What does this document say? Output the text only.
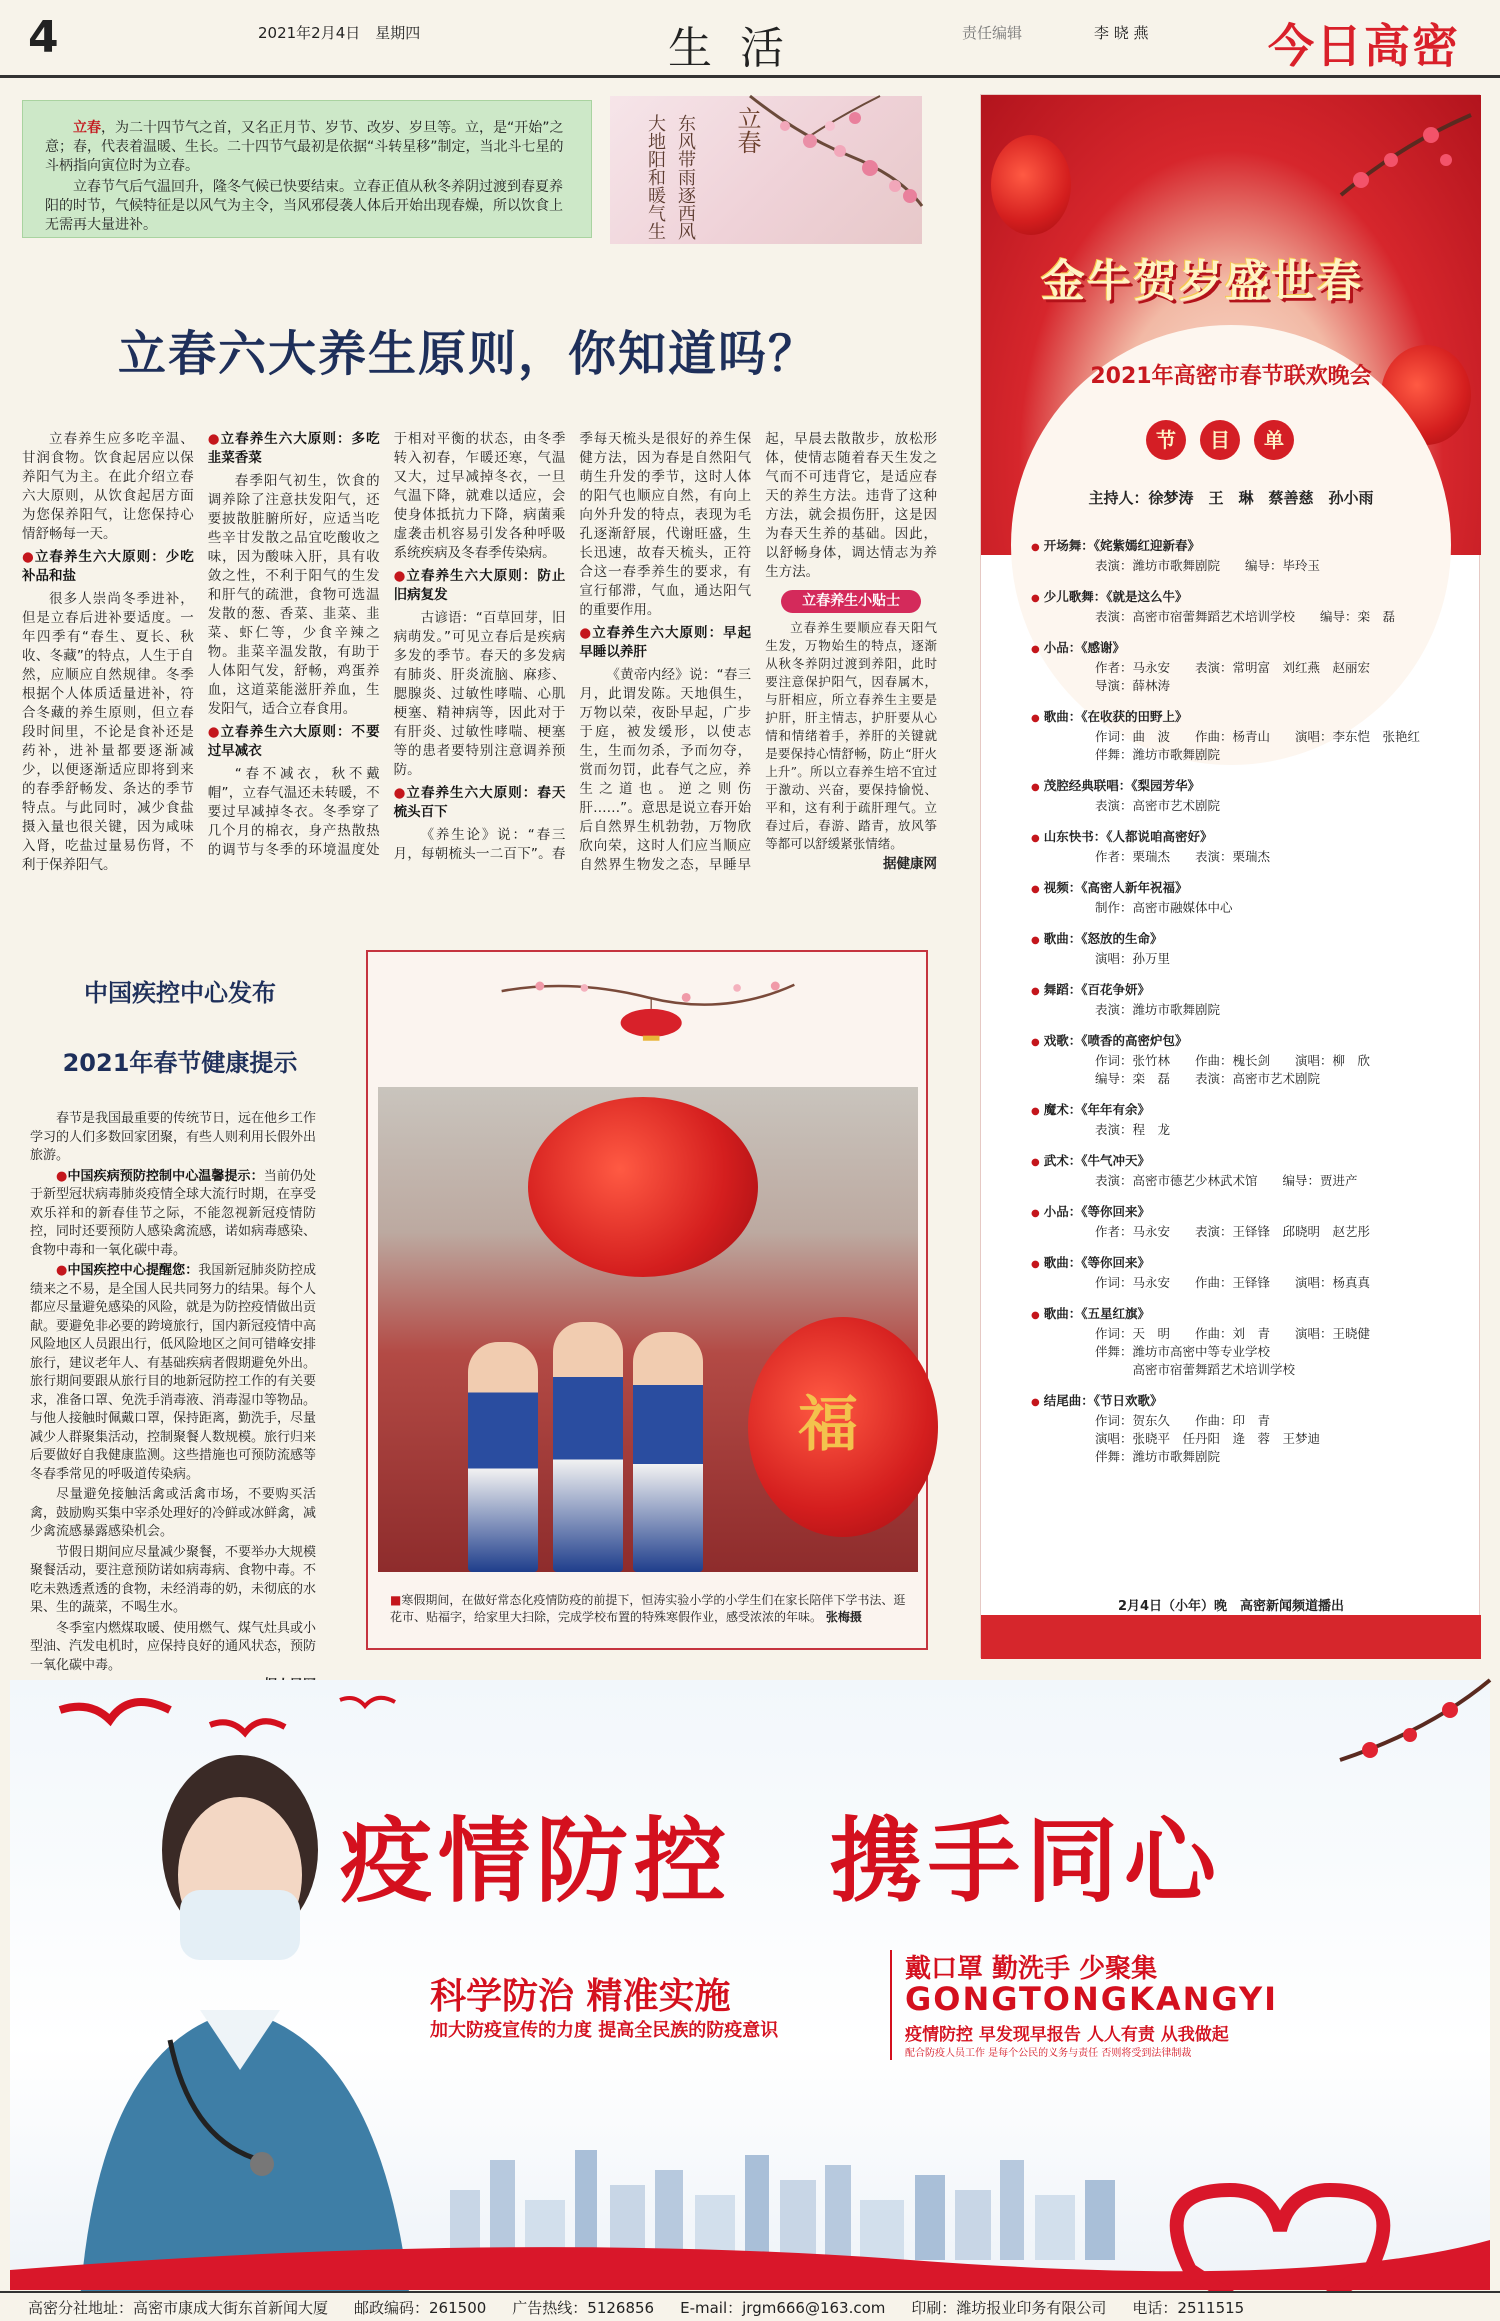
4	2021年2月4日　星期四	生活	责任编辑	李 晓 燕	今日高密

立春，为二十四节气之首，又名正月节、岁节、改岁、岁旦等。立，是“开始”之意；春，代表着温暖、生长。二十四节气最初是依据“斗转星移”制定，当北斗七星的斗柄指向寅位时为立春。

立春节气后气温回升，隆冬气候已快要结束。立春正值从秋冬养阴过渡到春夏养阳的时节，气候特征是以风气为主令，当风邪侵袭人体后开始出现春燥，所以饮食上无需再大量进补。

立春
东风带雨逐西风 大地阳和暖气生
立春六大养生原则，你知道吗？

立春养生应多吃辛温、甘润食物。饮食起居应以保养阳气为主。在此介绍立春六大原则，从饮食起居方面为您保养阳气，让您保持心情舒畅每一天。

●立春养生六大原则：少吃补品和盐

很多人崇尚冬季进补，但是立春后进补要适度。一年四季有“春生、夏长、秋收、冬藏”的特点，人生于自然，应顺应自然规律。冬季根据个人体质适量进补，符合冬藏的养生原则，但立春段时间里，不论是食补还是药补，进补量都要逐渐减少，以便逐渐适应即将到来的春季舒畅发、条达的季节特点。与此同时，减少食盐摄入量也很关键，因为咸味入肾，吃盐过量易伤肾，不利于保养阳气。

●立春养生六大原则：多吃韭菜香菜

春季阳气初生，饮食的调养除了注意扶发阳气，还要披散脏腑所好，应适当吃些辛甘发散之品宜吃酸收之味，因为酸味入肝，具有收敛之性，不利于阳气的生发和肝气的疏泄，食物可选温发散的葱、香菜、韭菜、韭菜、虾仁等，少食辛辣之物。韭菜辛温发散，有助于人体阳气发，舒畅，鸡蛋养血，这道菜能滋肝养血，生发阳气，适合立春食用。

●立春养生六大原则：不要过早减衣

“春不减衣，秋不戴帽”，立春气温还未转暖，不要过早减掉冬衣。冬季穿了几个月的棉衣，身产热散热的调节与冬季的环境温度处于相对平衡的状态，由冬季转入初春，乍暖还寒，气温又大，过早减掉冬衣，一旦气温下降，就难以适应，会使身体抵抗力下降，病菌乘虚袭击机容易引发各种呼吸系统疾病及冬春季传染病。

●立春养生六大原则：防止旧病复发

古谚语：“百草回芽，旧病萌发。”可见立春后是疾病多发的季节。春天的多发病有肺炎、肝炎流脑、麻疹、腮腺炎、过敏性哮喘、心肌梗塞、精神病等，因此对于有肝炎、过敏性哮喘、梗塞等的患者要特别注意调养预防。

●立春养生六大原则：舂天梳头百下

《养生论》说：“春三月，每朝梳头一二百下”。春季每天梳头是很好的养生保健方法，因为春是自然阳气萌生升发的季节，这时人体的阳气也顺应自然，有向上向外升发的特点，表现为毛孔逐渐舒展，代谢旺盛，生长迅速，故春天梳头，正符合这一春季养生的要求，有宣行郁滞，气血，通达阳气的重要作用。

●立春养生六大原则：早起早睡以养肝

《黄帝内经》说：“春三月，此谓发陈。天地俱生，万物以荣，夜卧早起，广步于庭，被发缓形，以使志生，生而勿杀，予而勿夺，赏而勿罚，此春气之应，养生之道也。逆之则伤肝……”。意思是说立春开始后自然界生机勃勃，万物欣欣向荣，这时人们应当顺应自然界生物发之态，早睡早起，早晨去散散步，放松形体，使情志随着春天生发之气而不可违背它，是适应春天的养生方法。违背了这种方法，就会损伤肝，这是因为春天生养的基础。因此，以舒畅身体，调达情志为养生方法。

立春养生小贴士

立春养生要顺应春天阳气生发，万物始生的特点，逐渐从秋冬养阴过渡到养阳，此时要注意保护阳气，因春属木，与肝相应，所立春养生主要是护肝，肝主情志，护肝要从心情和情绪着手，养肝的关键就是要保持心情舒畅，防止“肝火上升”。所以立春养生培不宜过于激动、兴奋，要保持愉悦、平和，这有利于疏肝理气。立春过后，春游、踏青，放风筝等都可以舒缓紧张情绪。

据健康网

中国疾控中心发布
2021年春节健康提示

春节是我国最重要的传统节日，远在他乡工作学习的人们多数回家团聚，有些人则利用长假外出旅游。

●中国疾病预防控制中心温馨提示：当前仍处于新型冠状病毒肺炎疫情全球大流行时期，在享受欢乐祥和的新春佳节之际，不能忽视新冠疫情防控，同时还要预防人感染禽流感，诺如病毒感染、食物中毒和一氧化碳中毒。

●中国疾控中心提醒您：我国新冠肺炎防控成绩来之不易，是全国人民共同努力的结果。每个人都应尽量避免感染的风险，就是为防控疫情做出贡献。要避免非必要的跨境旅行，国内新冠疫情中高风险地区人员跟出行，低风险地区之间可错峰安排旅行，建议老年人、有基础疾病者假期避免外出。旅行期间要跟从旅行目的地新冠防控工作的有关要求，准备口罩、免洗手消毒液、消毒湿巾等物品。与他人接触时佩戴口罩，保持距离，勤洗手，尽量减少人群聚集活动，控制聚餐人数规模。旅行归来后要做好自我健康监测。这些措施也可预防流感等冬春季常见的呼吸道传染病。

尽量避免接触活禽或活禽市场，不要购买活禽，鼓励购买集中宰杀处理好的冷鲜或冰鲜禽，减少禽流感暴露感染机会。

节假日期间应尽量减少聚餐，不要举办大规模聚餐活动，要注意预防诺如病毒病、食物中毒。不吃未熟透煮透的食物，未经消毒的奶，未彻底的水果、生的蔬菜，不喝生水。

冬季室内燃煤取暖、使用燃气、煤气灶具或小型油、汽发电机时，应保持良好的通风状态，预防一氧化碳中毒。

福
■寒假期间，在做好常态化疫情防疫的前提下，恒涛实验小学的小学生们在家长陪伴下学书法、逛花市、贴福字，给家里大扫除，完成学校布置的特殊寒假作业，感受浓浓的年味。 张梅摄
金牛贺岁盛世春
2021年高密市春节联欢晚会
节 目 单
主持人：徐梦涛　王　琳　蔡善慈　孙小雨
● 开场舞：《姹紫嫣红迎新春》
表演：潍坊市歌舞剧院　　编导：毕玲玉
● 少儿歌舞：《就是这么牛》
表演：高密市宿蕾舞蹈艺术培训学校　　编导：栾　磊
● 小品：《感谢》
作者：马永安　　表演：常明富　刘红燕　赵丽宏
导演：薛林涛
● 歌曲：《在收获的田野上》
作词：曲　波　　作曲：杨青山　　演唱：李东恺　张艳红
伴舞：潍坊市歌舞剧院
● 茂腔经典联唱：《梨园芳华》
表演：高密市艺术剧院
● 山东快书：《人都说咱高密好》
作者：栗瑞杰　　表演：栗瑞杰
● 视频：《高密人新年祝福》
制作：高密市融媒体中心
● 歌曲：《怒放的生命》
演唱：孙万里
● 舞蹈：《百花争妍》
表演：潍坊市歌舞剧院
● 戏歌：《喷香的高密炉包》
作词：张竹林　　作曲：槐长剑　　演唱：柳　欣
编导：栾　磊　　表演：高密市艺术剧院
● 魔术：《年年有余》
表演：程　龙
● 武术：《牛气冲天》
表演：高密市德艺少林武术馆　　编导：贾进产
● 小品：《等你回来》
作者：马永安　　表演：王铎锋　邱晓明　赵艺彤
● 歌曲：《等你回来》
作词：马永安　　作曲：王铎锋　　演唱：杨真真
● 歌曲：《五星红旗》
作词：天　明　　作曲：刘　青　　演唱：王晓健
伴舞：潍坊市高密中等专业学校
　　　高密市宿蕾舞蹈艺术培训学校
● 结尾曲：《节日欢歌》
作词：贺东久　　作曲：印　青
演唱：张晓平　任丹阳　逄　蓉　王梦迪
伴舞：潍坊市歌舞剧院
2月4日（小年）晚　高密新闻频道播出
疫情防控　携手同心
科学防治 精准实施
加大防疫宣传的力度 提高全民族的防疫意识
戴口罩 勤洗手 少聚集
GONGTONGKANGYI
疫情防控 早发现早报告 人人有责 从我做起
配合防疫人员工作 是每个公民的义务与责任 否则将受到法律制裁
高密分社地址：高密市康成大街东首新闻大厦 邮政编码：261500 广告热线：5126856 E-mail：jrgm666@163.com 印刷：潍坊报业印务有限公司 电话：2511515
